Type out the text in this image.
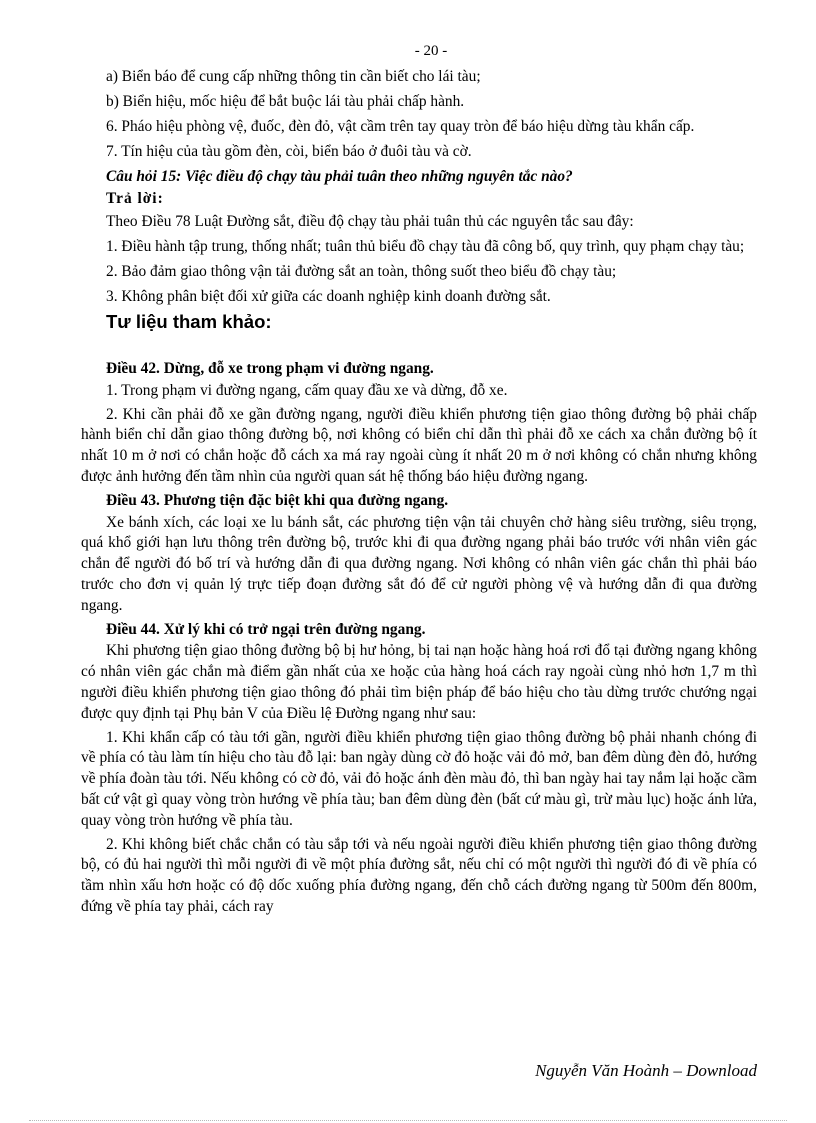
- 20 -

a) Biển báo để cung cấp những thông tin cần biết cho lái tàu;

b) Biển hiệu, mốc hiệu để bắt buộc lái tàu phải chấp hành.

6. Pháo hiệu phòng vệ, đuốc, đèn đỏ, vật cầm trên tay quay tròn để báo hiệu dừng tàu khẩn cấp.

7. Tín hiệu của tàu gồm đèn, còi, biển báo ở đuôi tàu và cờ.

Câu hỏi 15: Việc điều độ chạy tàu phải tuân theo những nguyên tắc nào?

Trả lời:

Theo Điều 78 Luật Đường sắt, điều độ chạy tàu phải tuân thủ các nguyên tắc sau đây:

1. Điều hành tập trung, thống nhất; tuân thủ biểu đồ chạy tàu đã công bố, quy trình, quy phạm chạy tàu;

2. Bảo đảm giao thông vận tải đường sắt an toàn, thông suốt theo biểu đồ chạy tàu;

3. Không phân biệt đối xử giữa các doanh nghiệp kinh doanh đường sắt.

Tư liệu tham khảo:

Điều 42. Dừng, đỗ xe trong phạm vi đường ngang.

1. Trong phạm vi đường ngang, cấm quay đầu xe và dừng, đỗ xe.

2. Khi cần phải đỗ xe gần đường ngang, người điều khiển phương tiện giao thông đường bộ phải chấp hành biển chỉ dẫn giao thông đường bộ, nơi không có biển chỉ dẫn thì phải đỗ xe cách xa chắn đường bộ ít nhất 10 m ở nơi có chắn hoặc đỗ cách xa má ray ngoài cùng ít nhất 20 m ở nơi không có chắn nhưng không được ảnh hưởng đến tầm nhìn của người quan sát hệ thống báo hiệu đường ngang.

Điều 43. Phương tiện đặc biệt khi qua đường ngang.

Xe bánh xích, các loại xe lu bánh sắt, các phương tiện vận tải chuyên chở hàng siêu trường, siêu trọng, quá khổ giới hạn lưu thông trên đường bộ, trước khi đi qua đường ngang phải báo trước với nhân viên gác chắn để người đó bố trí và hướng dẫn đi qua đường ngang. Nơi không có nhân viên gác chắn thì phải báo trước cho đơn vị quản lý trực tiếp đoạn đường sắt đó để cử người phòng vệ và hướng dẫn đi qua đường ngang.

Điều 44. Xử lý khi có trở ngại trên đường ngang.

Khi phương tiện giao thông đường bộ bị hư hỏng, bị tai nạn hoặc hàng hoá rơi đổ tại đường ngang không có nhân viên gác chắn mà điểm gần nhất của xe hoặc của hàng hoá cách ray ngoài cùng nhỏ hơn 1,7 m thì người điều khiển phương tiện giao thông đó phải tìm biện pháp để báo hiệu cho tàu dừng trước chướng ngại được quy định tại Phụ bản V của Điều lệ Đường ngang như sau:

1. Khi khẩn cấp có tàu tới gần, người điều khiển phương tiện giao thông đường bộ phải nhanh chóng đi về phía có tàu làm tín hiệu cho tàu đỗ lại: ban ngày dùng cờ đỏ hoặc vải đỏ mở, ban đêm dùng đèn đỏ, hướng về phía đoàn tàu tới. Nếu không có cờ đỏ, vải đỏ hoặc ánh đèn màu đỏ, thì ban ngày hai tay nắm lại hoặc cầm bất cứ vật gì quay vòng tròn hướng về phía tàu; ban đêm dùng đèn (bất cứ màu gì, trừ màu lục) hoặc ánh lửa, quay vòng tròn hướng về phía tàu.

2. Khi không biết chắc chắn có tàu sắp tới và nếu ngoài người điều khiển phương tiện giao thông đường bộ, có đủ hai người thì mỗi người đi về một phía đường sắt, nếu chỉ có một người thì người đó đi về phía có tầm nhìn xấu hơn hoặc có độ dốc xuống phía đường ngang, đến chỗ cách đường ngang từ 500m đến 800m, đứng về phía tay phải, cách ray

Nguyễn Văn Hoành – Download
